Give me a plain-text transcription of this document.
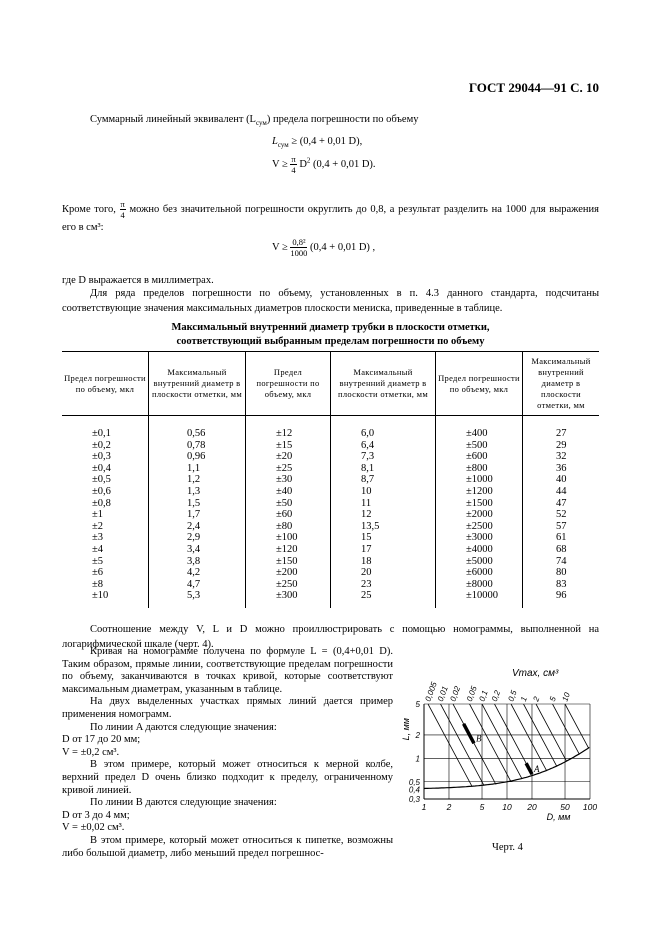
ГОСТ 29044—91 С. 10

Суммарный линейный эквивалент $(L_{сум})$ предела погрешности по объему

$L_{сум} \ge (0,4 + 0,01$ D),
$V \ge \frac{\pi}{4} D^2$ (0,4 + 0,01 D).

Кроме того, $\frac{\pi}{4}$ можно без значительной погрешности округлить до 0,8, а результат разделить на 1000 для выражения его в см³:

$V \ge \frac{\text{0,8²}}{1000} (0,4 + 0,01$ D) ,

где D выражается в миллиметрах.

Для ряда пределов погрешности по объему, установленных в п. 4.3 данного стандарта, подсчитаны соответствующие значения максимальных диаметров плоскости мениска, приведенные в таблице.

Максимальный внутренний диаметр трубки в плоскости отметки,
соответствующий выбранным пределам погрешности по объему
Предел погрешности по объему, мкл	Максимальный внутренний диаметр в плоскости отметки, мм	Предел погрешности по объему, мкл	Максимальный внутренний диаметр в плоскости отметки, мм	Предел погрешности по объему, мкл	Максимальный внутренний диаметр в плоскости отметки, мм
±0,1	0,56	±12	6,0	±400	27
±0,2	0,78	±15	6,4	±500	29
±0,3	0,96	±20	7,3	±600	32
±0,4	1,1	±25	8,1	±800	36
±0,5	1,2	±30	8,7	±1000	40
±0,6	1,3	±40	10	±1200	44
±0,8	1,5	±50	11	±1500	47
±1	1,7	±60	12	±2000	52
±2	2,4	±80	13,5	±2500	57
±3	2,9	±100	15	±3000	61
±4	3,4	±120	17	±4000	68
±5	3,8	±150	18	±5000	74
±6	4,2	±200	20	±6000	80
±8	4,7	±250	23	±8000	83
±10	5,3	±300	25	±10000	96

Соотношение между V, L и D можно проиллюстрировать с помощью номограммы, выполненной на логарифмической шкале (черт. 4).

Кривая на номограмме получена по формуле L = (0,4+0,01 D). Таким образом, прямые линии, соответствующие пределам погрешности по объему, заканчиваются в точках кривой, которые соответствуют максимальным диаметрам, указанным в таблице.
На двух выделенных участках прямых линий дается пример применения номограмм.
По линии A даются следующие значения:
D от 17 до 20 мм;
V = ±0,2 см³.
В этом примере, который может относиться к мерной колбе, верхний предел D очень близко подходит к пределу, ограниченному кривой линией.
По линии B даются следующие значения:
D от 3 до 4 мм;
V = ±0,02 см³.
В этом примере, который может относиться к пипетке, возможны либо большой диаметр, либо меньший предел погрешнос-
0,005
0,01
0,02 0,05
0,1 0,2 0,5 1 2 5 10
A
B
1 2	5 10 20	50 100
0,3
0,4
0,5
1
2
5
D, мм
L, мм
Vmax, см³
Черт. 4
